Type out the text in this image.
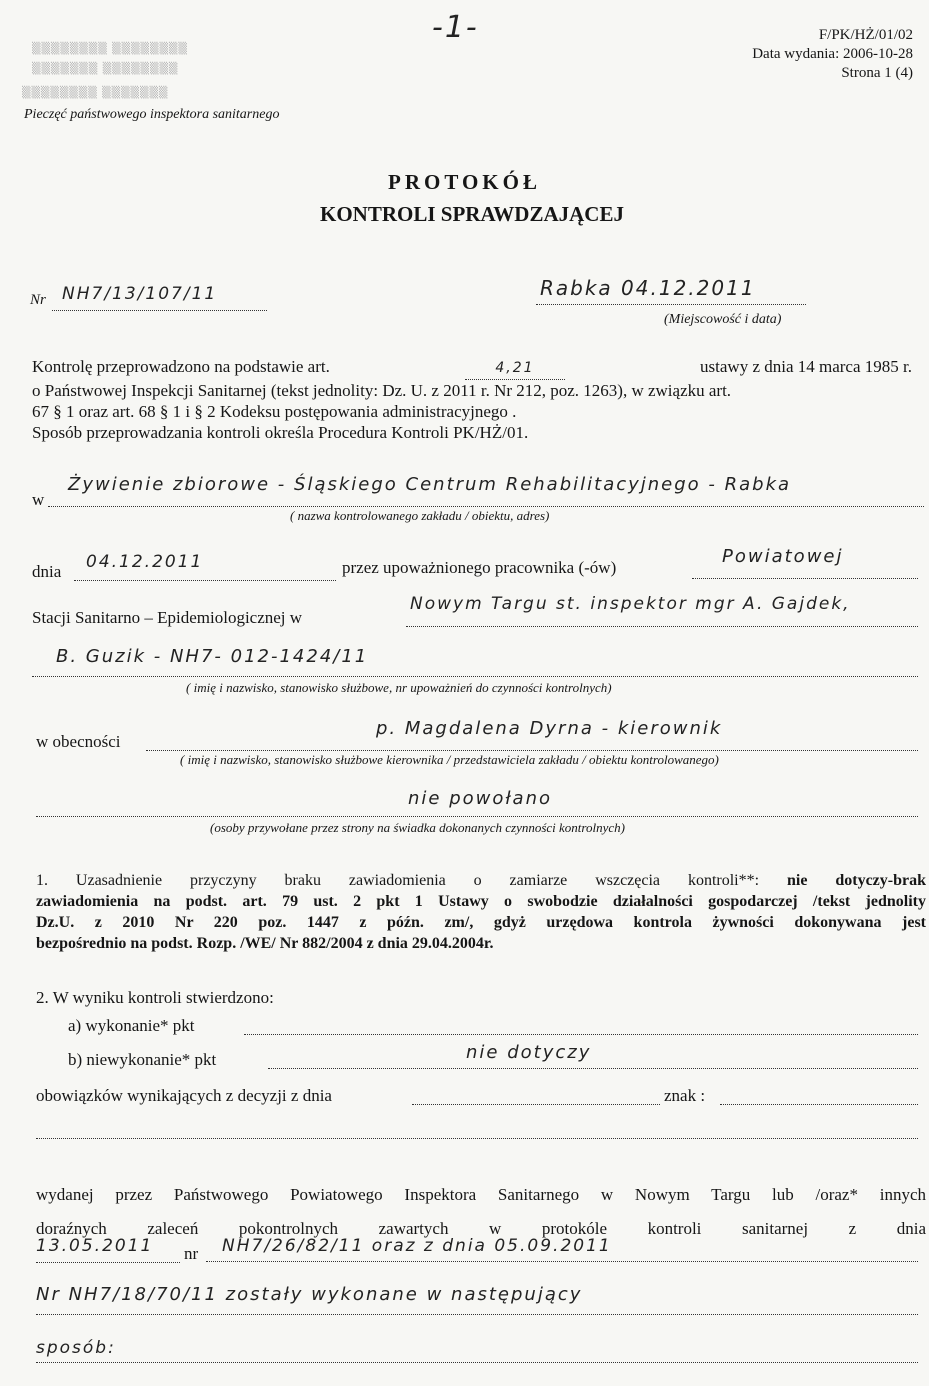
-1-	F/PK/HŻ/01/02
Data wydania: 2006-10-28
Strona 1 (4)
▒▒▒▒▒▒▒▒ ▒▒▒▒▒▒▒▒
▒▒▒▒▒▒▒ ▒▒▒▒▒▒▒▒
▒▒▒▒▒▒▒▒ ▒▒▒▒▒▒▒
Pieczęć państwowego inspektora sanitarnego
PROTOKÓŁ
KONTROLI SPRAWDZAJĄCEJ
Nr NH7/13/107/11	Rabka 04.12.2011
(Miejscowość i data)
Kontrolę przeprowadzono na podstawie art.	4,21	ustawy z dnia 14 marca 1985 r.
o Państwowej Inspekcji Sanitarnej (tekst jednolity: Dz. U. z 2011 r. Nr 212, poz. 1263), w związku art.
67 § 1 oraz art. 68 § 1 i § 2 Kodeksu postępowania administracyjnego .
Sposób przeprowadzania kontroli określa Procedura Kontroli PK/HŻ/01.
w
Żywienie zbiorowe - Śląskiego Centrum Rehabilitacyjnego - Rabka
( nazwa kontrolowanego zakładu / obiektu, adres)
dnia 04.12.2011	przez upoważnionego pracownika (-ów)
Powiatowej
Stacji Sanitarno – Epidemiologicznej w
Nowym Targu st. inspektor mgr A. Gajdek,
B. Guzik - NH7- 012-1424/11
( imię i nazwisko, stanowisko służbowe, nr upoważnień do czynności kontrolnych)
w obecności
p. Magdalena Dyrna - kierownik
( imię i nazwisko, stanowisko służbowe kierownika / przedstawiciela zakładu / obiektu kontrolowanego)
nie powołano
(osoby przywołane przez strony na świadka dokonanych czynności kontrolnych)
1. Uzasadnienie przyczyny braku zawiadomienia o zamiarze wszczęcia kontroli**: nie dotyczy-brak
zawiadomienia na podst. art. 79 ust. 2 pkt 1 Ustawy o swobodzie działalności gospodarczej /tekst jednolity
Dz.U. z 2010 Nr 220 poz. 1447 z późn. zm/, gdyż urzędowa kontrola żywności dokonywana jest
bezpośrednio na podst. Rozp. /WE/ Nr 882/2004 z dnia 29.04.2004r.
2. W wyniku kontroli stwierdzono:
a) wykonanie* pkt
b) niewykonanie* pkt	nie dotyczy
obowiązków wynikających z decyzji z dnia	znak :
wydanej przez Państwowego Powiatowego Inspektora Sanitarnego w Nowym Targu lub /oraz* innych
doraźnych zaleceń pokontrolnych zawartych w protokóle kontroli sanitarnej z dnia
13.05.2011	nr	NH7/26/82/11 oraz z dnia 05.09.2011
Nr NH7/18/70/11 zostały wykonane w następujący
sposób:
